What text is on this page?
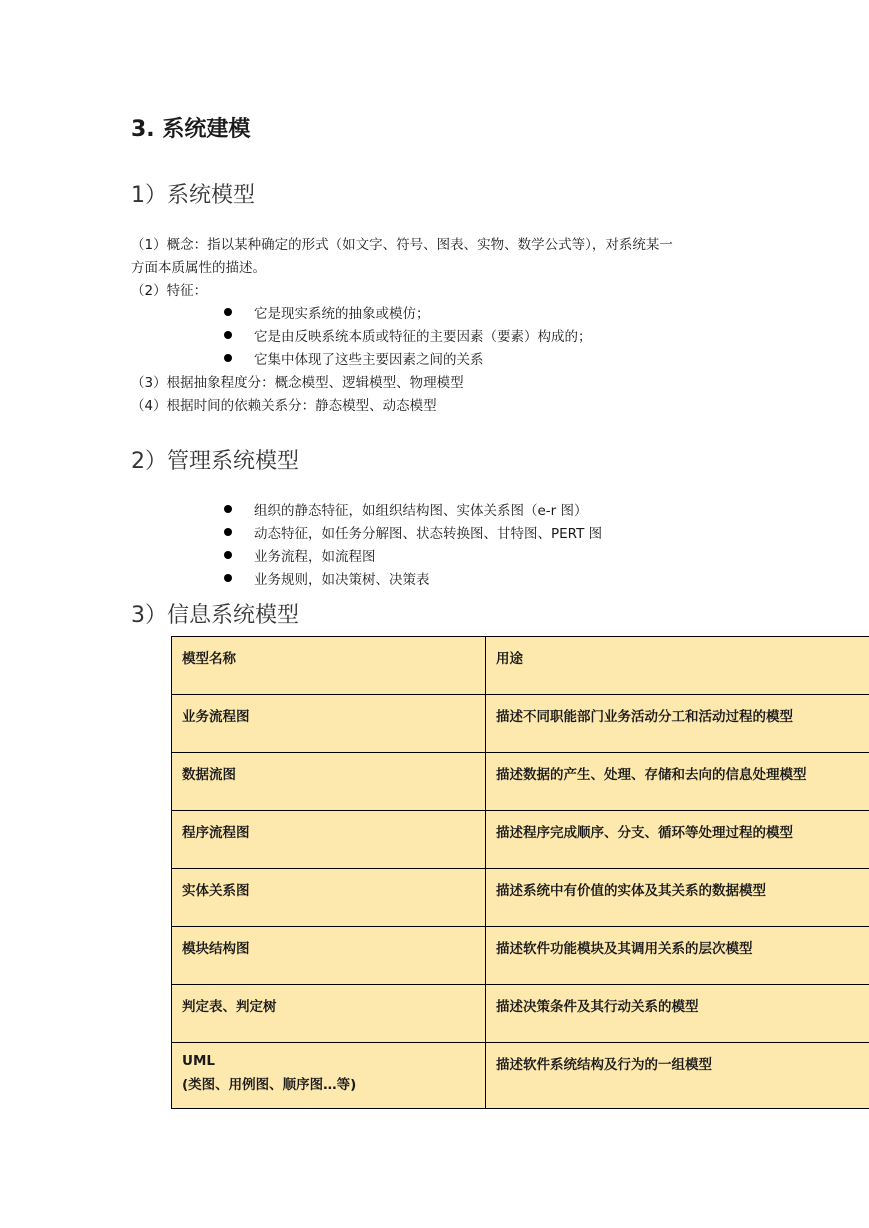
3. 系统建模
1）系统模型

（1）概念：指以某种确定的形式（如文字、符号、图表、实物、数学公式等），对系统某一

方面本质属性的描述。

（2）特征：

它是现实系统的抽象或模仿；
它是由反映系统本质或特征的主要因素（要素）构成的；
它集中体现了这些主要因素之间的关系

（3）根据抽象程度分：概念模型、逻辑模型、物理模型

（4）根据时间的依赖关系分：静态模型、动态模型

2）管理系统模型
组织的静态特征，如组织结构图、实体关系图（e-r 图）
动态特征，如任务分解图、状态转换图、甘特图、PERT 图
业务流程，如流程图
业务规则，如决策树、决策表
3）信息系统模型
模型名称	用途
业务流程图	描述不同职能部门业务活动分工和活动过程的模型
数据流图	描述数据的产生、处理、存储和去向的信息处理模型
程序流程图	描述程序完成顺序、分支、循环等处理过程的模型
实体关系图	描述系统中有价值的实体及其关系的数据模型
模块结构图	描述软件功能模块及其调用关系的层次模型
判定表、判定树	描述决策条件及其行动关系的模型
UML
(类图、用例图、顺序图…等)	描述软件系统结构及行为的一组模型
